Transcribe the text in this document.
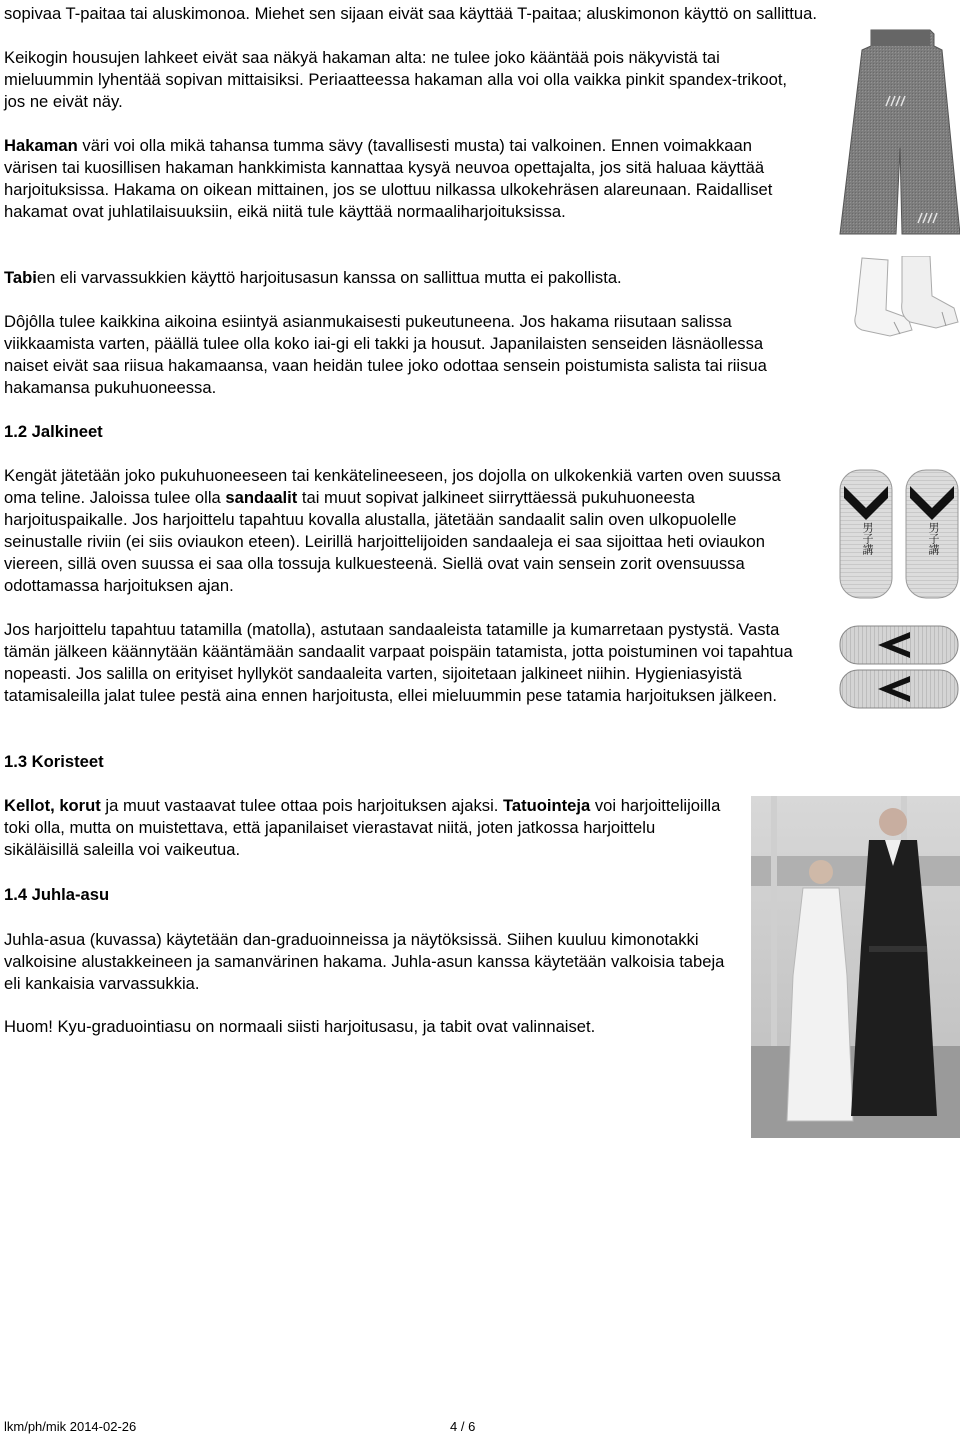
sopivaa T-paitaa tai aluskimonoa. Miehet sen sijaan eivät saa käyttää T-paitaa; aluskimonon käyttö on sallittua.

Keikogin housujen lahkeet eivät saa näkyä hakaman alta: ne tulee joko kääntää pois näkyvistä tai mieluummin lyhentää sopivan mittaisiksi. Periaatteessa hakaman alla voi olla vaikka pinkit spandex-trikoot, jos ne eivät näy.

Hakaman väri voi olla mikä tahansa tumma sävy (tavallisesti musta) tai valkoinen. Ennen voimakkaan värisen tai kuosillisen hakaman hankkimista kannattaa kysyä neuvoa opettajalta, jos sitä haluaa käyttää harjoituksissa. Hakama on oikean mittainen, jos se ulottuu nilkassa ulkokehräsen alareunaan. Raidalliset hakamat ovat juhlatilaisuuksiin, eikä niitä tule käyttää normaaliharjoituksissa.

Tabien eli varvassukkien käyttö harjoitusasun kanssa on sallittua mutta ei pakollista.

Dôjôlla tulee kaikkina aikoina esiintyä asianmukaisesti pukeutuneena. Jos hakama riisutaan salissa viikkaamista varten, päällä tulee olla koko iai-gi eli takki ja housut. Japanilaisten senseiden läsnäollessa naiset eivät saa riisua hakamaansa, vaan heidän tulee joko odottaa sensein poistumista salista tai riisua hakamansa pukuhuoneessa.

1.2 Jalkineet

Kengät jätetään joko pukuhuoneeseen tai kenkätelineeseen, jos dojolla on ulkokenkiä varten oven suussa oma teline. Jaloissa tulee olla sandaalit tai muut sopivat jalkineet siirryttäessä pukuhuoneesta harjoituspaikalle. Jos harjoittelu tapahtuu kovalla alustalla, jätetään sandaalit salin oven ulkopuolelle seinustalle riviin (ei siis oviaukon eteen). Leirillä harjoittelijoiden sandaaleja ei saa sijoittaa heti oviaukon viereen, sillä oven suussa ei saa olla tossuja kulkuesteenä. Siellä ovat vain sensein zorit ovensuussa odottamassa harjoituksen ajan.

Jos harjoittelu tapahtuu tatamilla (matolla), astutaan sandaaleista tatamille ja kumarretaan pystystä. Vasta tämän jälkeen käännytään kääntämään sandaalit varpaat poispäin tatamista, jotta poistuminen voi tapahtua nopeasti. Jos salilla on erityiset hyllyköt sandaaleita varten, sijoitetaan jalkineet niihin. Hygieniasyistä tatamisaleilla jalat tulee pestä aina ennen harjoitusta, ellei mieluummin pese tatamia harjoituksen jälkeen.

1.3 Koristeet

Kellot, korut ja muut vastaavat tulee ottaa pois harjoituksen ajaksi. Tatuointeja voi harjoittelijoilla toki olla, mutta on muistettava, että japanilaiset vierastavat niitä, joten jatkossa harjoittelu sikäläisillä saleilla voi vaikeutua.

1.4 Juhla-asu

Juhla-asua (kuvassa) käytetään dan-graduoinneissa ja näytöksissä. Siihen kuuluu kimonotakki valkoisine alustakkeineen ja samanvärinen hakama. Juhla-asun kanssa käytetään valkoisia tabeja eli kankaisia varvassukkia.

Huom! Kyu-graduointiasu on normaali siisti harjoitusasu, ja tabit ovat valinnaiset.

lkm/ph/mik 2014-02-26	4 / 6
男子講	男子講
